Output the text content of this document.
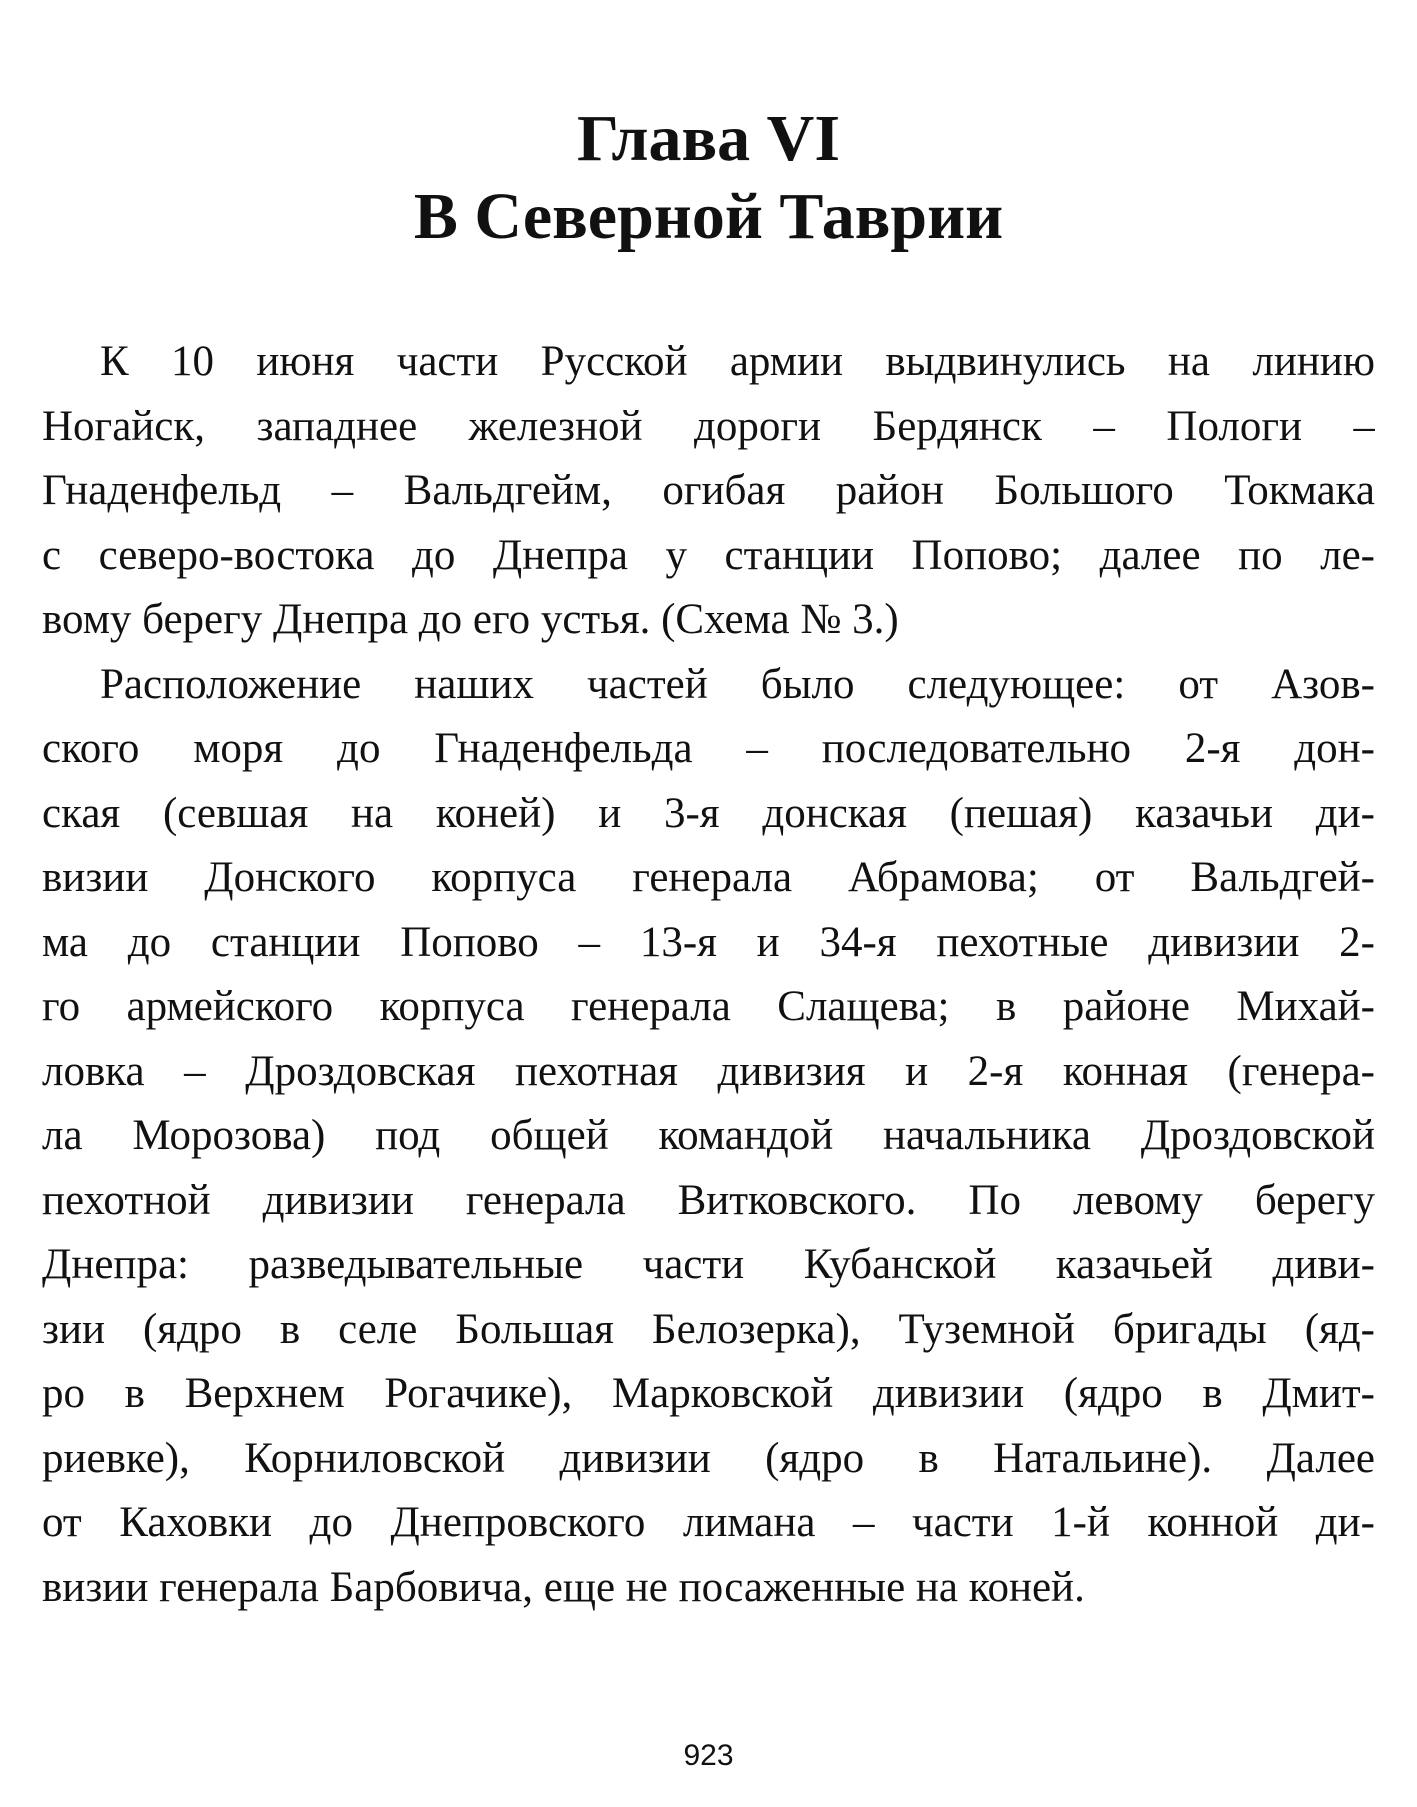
Глава VI
В Северной Таврии
К 10 июня части Русской армии выдвинулись на линию
Ногайск, западнее железной дороги Бердянск – Пологи –
Гнаденфельд – Вальдгейм, огибая район Большого Токмака
с северо-востока до Днепра у станции Попово; далее по ле-
вому берегу Днепра до его устья. (Схема № 3.)
Расположение наших частей было следующее: от Азов-
ского моря до Гнаденфельда – последовательно 2-я дон-
ская (севшая на коней) и 3-я донская (пешая) казачьи ди-
визии Донского корпуса генерала Абрамова; от Вальдгей-
ма до станции Попово – 13-я и 34-я пехотные дивизии 2-
го армейского корпуса генерала Слащева; в районе Михай-
ловка – Дроздовская пехотная дивизия и 2-я конная (генера-
ла Морозова) под общей командой начальника Дроздовской
пехотной дивизии генерала Витковского. По левому берегу
Днепра: разведывательные части Кубанской казачьей диви-
зии (ядро в селе Большая Белозерка), Туземной бригады (яд-
ро в Верхнем Рогачике), Марковской дивизии (ядро в Дмит-
риевке), Корниловской дивизии (ядро в Натальине). Далее
от Каховки до Днепровского лимана – части 1-й конной ди-
визии генерала Барбовича, еще не посаженные на коней.
923
